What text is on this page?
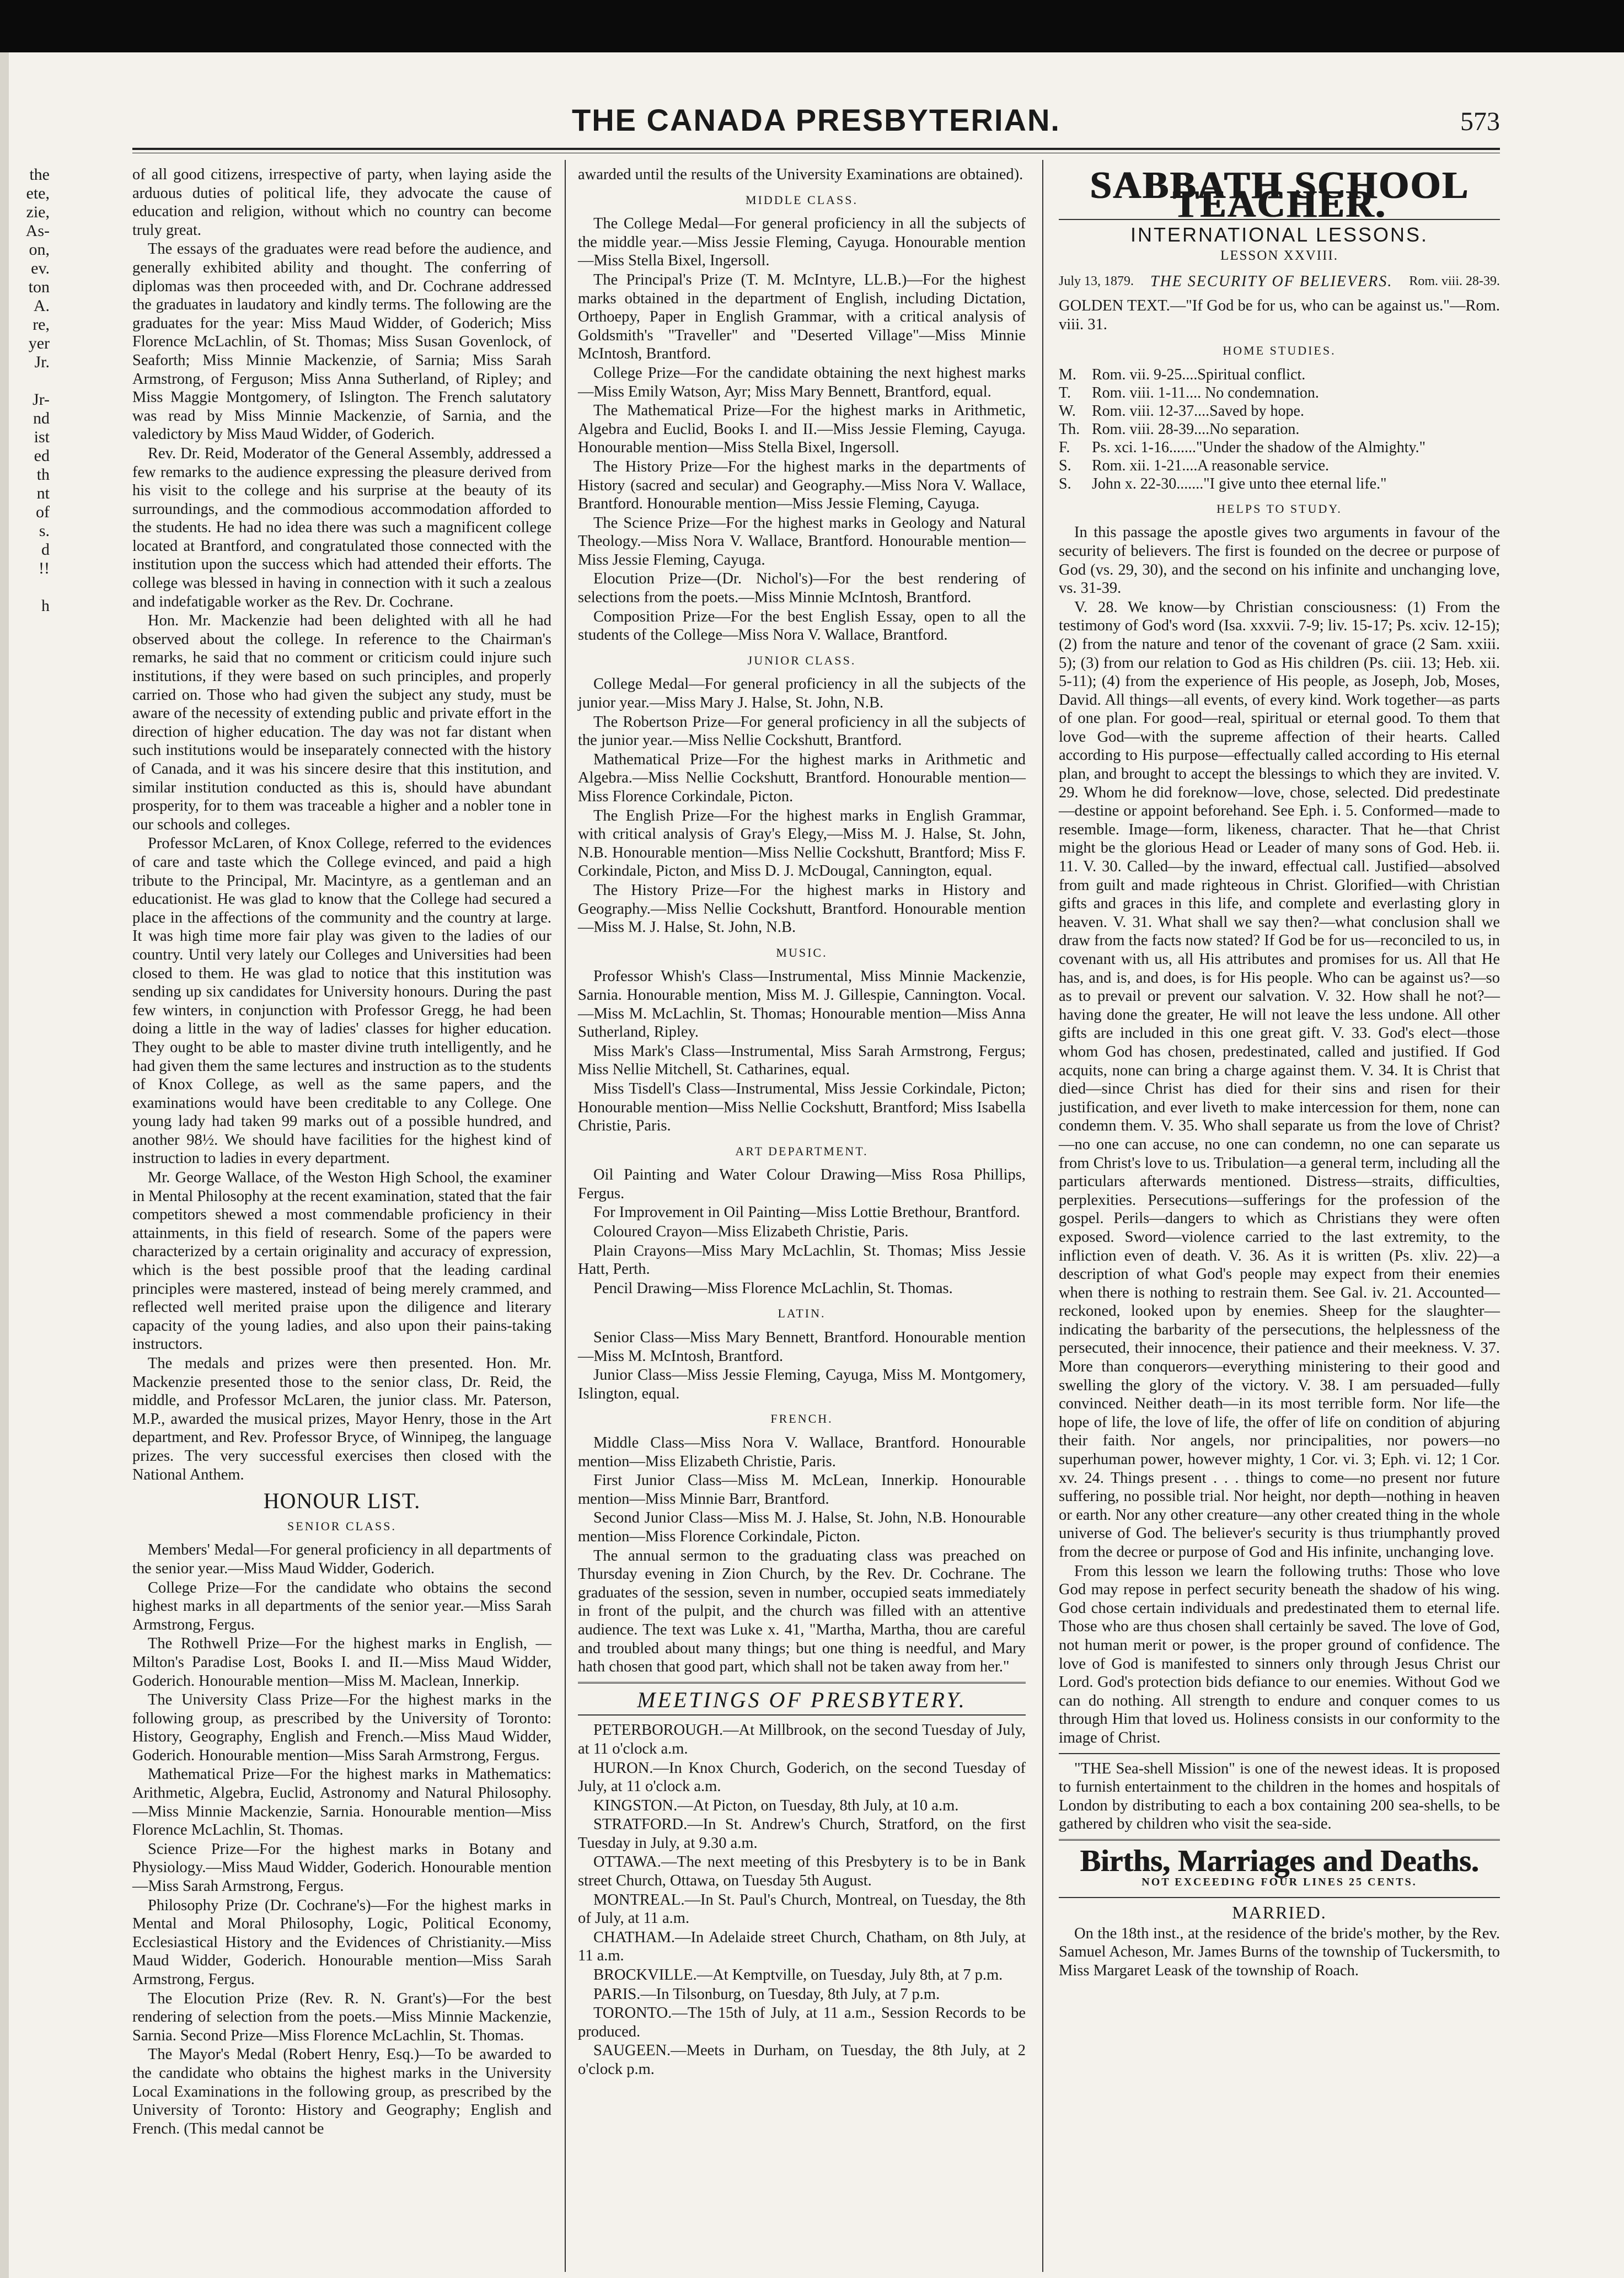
THE CANADA PRESBYTERIAN.	573
the
ete,
zie,
As-
on,
ev.
ton
A.
re,
yer
Jr.
Jr-
nd
ist
ed
th
nt
of
s.
d
!!
h

of all good citizens, irrespective of party, when laying aside the arduous duties of political life, they advocate the cause of education and religion, without which no country can become truly great.

The essays of the graduates were read before the audience, and generally exhibited ability and thought. The conferring of diplomas was then proceeded with, and Dr. Cochrane addressed the graduates in laudatory and kindly terms. The following are the graduates for the year: Miss Maud Widder, of Goderich; Miss Florence McLachlin, of St. Thomas; Miss Susan Govenlock, of Seaforth; Miss Minnie Mackenzie, of Sarnia; Miss Sarah Armstrong, of Ferguson; Miss Anna Sutherland, of Ripley; and Miss Maggie Montgomery, of Islington. The French salutatory was read by Miss Minnie Mackenzie, of Sarnia, and the valedictory by Miss Maud Widder, of Goderich.

Rev. Dr. Reid, Moderator of the General Assembly, addressed a few remarks to the audience expressing the pleasure derived from his visit to the college and his surprise at the beauty of its surroundings, and the commodious accommodation afforded to the students. He had no idea there was such a magnificent college located at Brantford, and congratulated those connected with the institution upon the success which had attended their efforts. The college was blessed in having in connection with it such a zealous and indefatigable worker as the Rev. Dr. Cochrane.

Hon. Mr. Mackenzie had been delighted with all he had observed about the college. In reference to the Chairman's remarks, he said that no comment or criticism could injure such institutions, if they were based on such principles, and properly carried on. Those who had given the subject any study, must be aware of the necessity of extending public and private effort in the direction of higher education. The day was not far distant when such institutions would be inseparately connected with the history of Canada, and it was his sincere desire that this institution, and similar institution conducted as this is, should have abundant prosperity, for to them was traceable a higher and a nobler tone in our schools and colleges.

Professor McLaren, of Knox College, referred to the evidences of care and taste which the College evinced, and paid a high tribute to the Principal, Mr. Macintyre, as a gentleman and an educationist. He was glad to know that the College had secured a place in the affections of the community and the country at large. It was high time more fair play was given to the ladies of our country. Until very lately our Colleges and Universities had been closed to them. He was glad to notice that this institution was sending up six candidates for University honours. During the past few winters, in conjunction with Professor Gregg, he had been doing a little in the way of ladies' classes for higher education. They ought to be able to master divine truth intelligently, and he had given them the same lectures and instruction as to the students of Knox College, as well as the same papers, and the examinations would have been creditable to any College. One young lady had taken 99 marks out of a possible hundred, and another 98½. We should have facilities for the highest kind of instruction to ladies in every department.

Mr. George Wallace, of the Weston High School, the examiner in Mental Philosophy at the recent examination, stated that the fair competitors shewed a most commendable proficiency in their attainments, in this field of research. Some of the papers were characterized by a certain originality and accuracy of expression, which is the best possible proof that the leading cardinal principles were mastered, instead of being merely crammed, and reflected well merited praise upon the diligence and literary capacity of the young ladies, and also upon their pains-taking instructors.

The medals and prizes were then presented. Hon. Mr. Mackenzie presented those to the senior class, Dr. Reid, the middle, and Professor McLaren, the junior class. Mr. Paterson, M.P., awarded the musical prizes, Mayor Henry, those in the Art department, and Rev. Professor Bryce, of Winnipeg, the language prizes. The very successful exercises then closed with the National Anthem.

HONOUR LIST.
SENIOR CLASS.

Members' Medal—For general proficiency in all departments of the senior year.—Miss Maud Widder, Goderich.

College Prize—For the candidate who obtains the second highest marks in all departments of the senior year.—Miss Sarah Armstrong, Fergus.

The Rothwell Prize—For the highest marks in English, —Milton's Paradise Lost, Books I. and II.—Miss Maud Widder, Goderich. Honourable mention—Miss M. Maclean, Innerkip.

The University Class Prize—For the highest marks in the following group, as prescribed by the University of Toronto: History, Geography, English and French.—Miss Maud Widder, Goderich. Honourable mention—Miss Sarah Armstrong, Fergus.

Mathematical Prize—For the highest marks in Mathematics: Arithmetic, Algebra, Euclid, Astronomy and Natural Philosophy.—Miss Minnie Mackenzie, Sarnia. Honourable mention—Miss Florence McLachlin, St. Thomas.

Science Prize—For the highest marks in Botany and Physiology.—Miss Maud Widder, Goderich. Honourable mention—Miss Sarah Armstrong, Fergus.

Philosophy Prize (Dr. Cochrane's)—For the highest marks in Mental and Moral Philosophy, Logic, Political Economy, Ecclesiastical History and the Evidences of Christianity.—Miss Maud Widder, Goderich. Honourable mention—Miss Sarah Armstrong, Fergus.

The Elocution Prize (Rev. R. N. Grant's)—For the best rendering of selection from the poets.—Miss Minnie Mackenzie, Sarnia. Second Prize—Miss Florence McLachlin, St. Thomas.

The Mayor's Medal (Robert Henry, Esq.)—To be awarded to the candidate who obtains the highest marks in the University Local Examinations in the following group, as prescribed by the University of Toronto: History and Geography; English and French. (This medal cannot be

awarded until the results of the University Examinations are obtained).

MIDDLE CLASS.

The College Medal—For general proficiency in all the subjects of the middle year.—Miss Jessie Fleming, Cayuga. Honourable mention—Miss Stella Bixel, Ingersoll.

The Principal's Prize (T. M. McIntyre, LL.B.)—For the highest marks obtained in the department of English, including Dictation, Orthoepy, Paper in English Grammar, with a critical analysis of Goldsmith's "Traveller" and "Deserted Village"—Miss Minnie McIntosh, Brantford.

College Prize—For the candidate obtaining the next highest marks—Miss Emily Watson, Ayr; Miss Mary Bennett, Brantford, equal.

The Mathematical Prize—For the highest marks in Arithmetic, Algebra and Euclid, Books I. and II.—Miss Jessie Fleming, Cayuga. Honourable mention—Miss Stella Bixel, Ingersoll.

The History Prize—For the highest marks in the departments of History (sacred and secular) and Geography.—Miss Nora V. Wallace, Brantford. Honourable mention—Miss Jessie Fleming, Cayuga.

The Science Prize—For the highest marks in Geology and Natural Theology.—Miss Nora V. Wallace, Brantford. Honourable mention—Miss Jessie Fleming, Cayuga.

Elocution Prize—(Dr. Nichol's)—For the best rendering of selections from the poets.—Miss Minnie McIntosh, Brantford.

Composition Prize—For the best English Essay, open to all the students of the College—Miss Nora V. Wallace, Brantford.

JUNIOR CLASS.

College Medal—For general proficiency in all the subjects of the junior year.—Miss Mary J. Halse, St. John, N.B.

The Robertson Prize—For general proficiency in all the subjects of the junior year.—Miss Nellie Cockshutt, Brantford.

Mathematical Prize—For the highest marks in Arithmetic and Algebra.—Miss Nellie Cockshutt, Brantford. Honourable mention—Miss Florence Corkindale, Picton.

The English Prize—For the highest marks in English Grammar, with critical analysis of Gray's Elegy,—Miss M. J. Halse, St. John, N.B. Honourable mention—Miss Nellie Cockshutt, Brantford; Miss F. Corkindale, Picton, and Miss D. J. McDougal, Cannington, equal.

The History Prize—For the highest marks in History and Geography.—Miss Nellie Cockshutt, Brantford. Honourable mention—Miss M. J. Halse, St. John, N.B.

MUSIC.

Professor Whish's Class—Instrumental, Miss Minnie Mackenzie, Sarnia. Honourable mention, Miss M. J. Gillespie, Cannington. Vocal.—Miss M. McLachlin, St. Thomas; Honourable mention—Miss Anna Sutherland, Ripley.

Miss Mark's Class—Instrumental, Miss Sarah Armstrong, Fergus; Miss Nellie Mitchell, St. Catharines, equal.

Miss Tisdell's Class—Instrumental, Miss Jessie Corkindale, Picton; Honourable mention—Miss Nellie Cockshutt, Brantford; Miss Isabella Christie, Paris.

ART DEPARTMENT.

Oil Painting and Water Colour Drawing—Miss Rosa Phillips, Fergus.

For Improvement in Oil Painting—Miss Lottie Brethour, Brantford.

Coloured Crayon—Miss Elizabeth Christie, Paris.

Plain Crayons—Miss Mary McLachlin, St. Thomas; Miss Jessie Hatt, Perth.

Pencil Drawing—Miss Florence McLachlin, St. Thomas.

LATIN.

Senior Class—Miss Mary Bennett, Brantford. Honourable mention—Miss M. McIntosh, Brantford.

Junior Class—Miss Jessie Fleming, Cayuga, Miss M. Montgomery, Islington, equal.

FRENCH.

Middle Class—Miss Nora V. Wallace, Brantford. Honourable mention—Miss Elizabeth Christie, Paris.

First Junior Class—Miss M. McLean, Innerkip. Honourable mention—Miss Minnie Barr, Brantford.

Second Junior Class—Miss M. J. Halse, St. John, N.B. Honourable mention—Miss Florence Corkindale, Picton.

The annual sermon to the graduating class was preached on Thursday evening in Zion Church, by the Rev. Dr. Cochrane. The graduates of the session, seven in number, occupied seats immediately in front of the pulpit, and the church was filled with an attentive audience. The text was Luke x. 41, "Martha, Martha, thou are careful and troubled about many things; but one thing is needful, and Mary hath chosen that good part, which shall not be taken away from her."

MEETINGS OF PRESBYTERY.

PETERBOROUGH.—At Millbrook, on the second Tuesday of July, at 11 o'clock a.m.

HURON.—In Knox Church, Goderich, on the second Tuesday of July, at 11 o'clock a.m.

KINGSTON.—At Picton, on Tuesday, 8th July, at 10 a.m.

STRATFORD.—In St. Andrew's Church, Stratford, on the first Tuesday in July, at 9.30 a.m.

OTTAWA.—The next meeting of this Presbytery is to be in Bank street Church, Ottawa, on Tuesday 5th August.

MONTREAL.—In St. Paul's Church, Montreal, on Tuesday, the 8th of July, at 11 a.m.

CHATHAM.—In Adelaide street Church, Chatham, on 8th July, at 11 a.m.

BROCKVILLE.—At Kemptville, on Tuesday, July 8th, at 7 p.m.

PARIS.—In Tilsonburg, on Tuesday, 8th July, at 7 p.m.

TORONTO.—The 15th of July, at 11 a.m., Session Records to be produced.

SAUGEEN.—Meets in Durham, on Tuesday, the 8th July, at 2 o'clock p.m.

SABBATH SCHOOL TEACHER.
INTERNATIONAL LESSONS.
LESSON XXVIII.
July 13, 1879. THE SECURITY OF BELIEVERS. Rom. viii. 28-39.
GOLDEN TEXT.—"If God be for us, who can be against us."—Rom. viii. 31.
HOME STUDIES.
M.	Rom. vii. 9-25....Spiritual conflict.
T.	Rom. viii. 1-11.... No condemnation.
W.	Rom. viii. 12-37....Saved by hope.
Th. Rom. viii. 28-39....No separation.
F.	Ps. xci. 1-16......."Under the shadow of the Almighty."
S.	Rom. xii. 1-21....A reasonable service.
S.	John x. 22-30......."I give unto thee eternal life."
HELPS TO STUDY.

In this passage the apostle gives two arguments in favour of the security of believers. The first is founded on the decree or purpose of God (vs. 29, 30), and the second on his infinite and unchanging love, vs. 31-39.

V. 28. We know—by Christian consciousness: (1) From the testimony of God's word (Isa. xxxvii. 7-9; liv. 15-17; Ps. xciv. 12-15); (2) from the nature and tenor of the covenant of grace (2 Sam. xxiii. 5); (3) from our relation to God as His children (Ps. ciii. 13; Heb. xii. 5-11); (4) from the experience of His people, as Joseph, Job, Moses, David. All things—all events, of every kind. Work together—as parts of one plan. For good—real, spiritual or eternal good. To them that love God—with the supreme affection of their hearts. Called according to His purpose—effectually called according to His eternal plan, and brought to accept the blessings to which they are invited. V. 29. Whom he did foreknow—love, chose, selected. Did predestinate—destine or appoint beforehand. See Eph. i. 5. Conformed—made to resemble. Image—form, likeness, character. That he—that Christ might be the glorious Head or Leader of many sons of God. Heb. ii. 11. V. 30. Called—by the inward, effectual call. Justified—absolved from guilt and made righteous in Christ. Glorified—with Christian gifts and graces in this life, and complete and everlasting glory in heaven. V. 31. What shall we say then?—what conclusion shall we draw from the facts now stated? If God be for us—reconciled to us, in covenant with us, all His attributes and promises for us. All that He has, and is, and does, is for His people. Who can be against us?—so as to prevail or prevent our salvation. V. 32. How shall he not?—having done the greater, He will not leave the less undone. All other gifts are included in this one great gift. V. 33. God's elect—those whom God has chosen, predestinated, called and justified. If God acquits, none can bring a charge against them. V. 34. It is Christ that died—since Christ has died for their sins and risen for their justification, and ever liveth to make intercession for them, none can condemn them. V. 35. Who shall separate us from the love of Christ?—no one can accuse, no one can condemn, no one can separate us from Christ's love to us. Tribulation—a general term, including all the particulars afterwards mentioned. Distress—straits, difficulties, perplexities. Persecutions—sufferings for the profession of the gospel. Perils—dangers to which as Christians they were often exposed. Sword—violence carried to the last extremity, to the infliction even of death. V. 36. As it is written (Ps. xliv. 22)—a description of what God's people may expect from their enemies when there is nothing to restrain them. See Gal. iv. 21. Accounted—reckoned, looked upon by enemies. Sheep for the slaughter—indicating the barbarity of the persecutions, the helplessness of the persecuted, their innocence, their patience and their meekness. V. 37. More than conquerors—everything ministering to their good and swelling the glory of the victory. V. 38. I am persuaded—fully convinced. Neither death—in its most terrible form. Nor life—the hope of life, the love of life, the offer of life on condition of abjuring their faith. Nor angels, nor principalities, nor powers—no superhuman power, however mighty, 1 Cor. vi. 3; Eph. vi. 12; 1 Cor. xv. 24. Things present . . . things to come—no present nor future suffering, no possible trial. Nor height, nor depth—nothing in heaven or earth. Nor any other creature—any other created thing in the whole universe of God. The believer's security is thus triumphantly proved from the decree or purpose of God and His infinite, unchanging love.

From this lesson we learn the following truths: Those who love God may repose in perfect security beneath the shadow of his wing. God chose certain individuals and predestinated them to eternal life. Those who are thus chosen shall certainly be saved. The love of God, not human merit or power, is the proper ground of confidence. The love of God is manifested to sinners only through Jesus Christ our Lord. God's protection bids defiance to our enemies. Without God we can do nothing. All strength to endure and conquer comes to us through Him that loved us. Holiness consists in our conformity to the image of Christ.

"THE Sea-shell Mission" is one of the newest ideas. It is proposed to furnish entertainment to the children in the homes and hospitals of London by distributing to each a box containing 200 sea-shells, to be gathered by children who visit the sea-side.

Births, Marriages and Deaths.
NOT EXCEEDING FOUR LINES 25 CENTS.
MARRIED.

On the 18th inst., at the residence of the bride's mother, by the Rev. Samuel Acheson, Mr. James Burns of the township of Tuckersmith, to Miss Margaret Leask of the township of Roach.
